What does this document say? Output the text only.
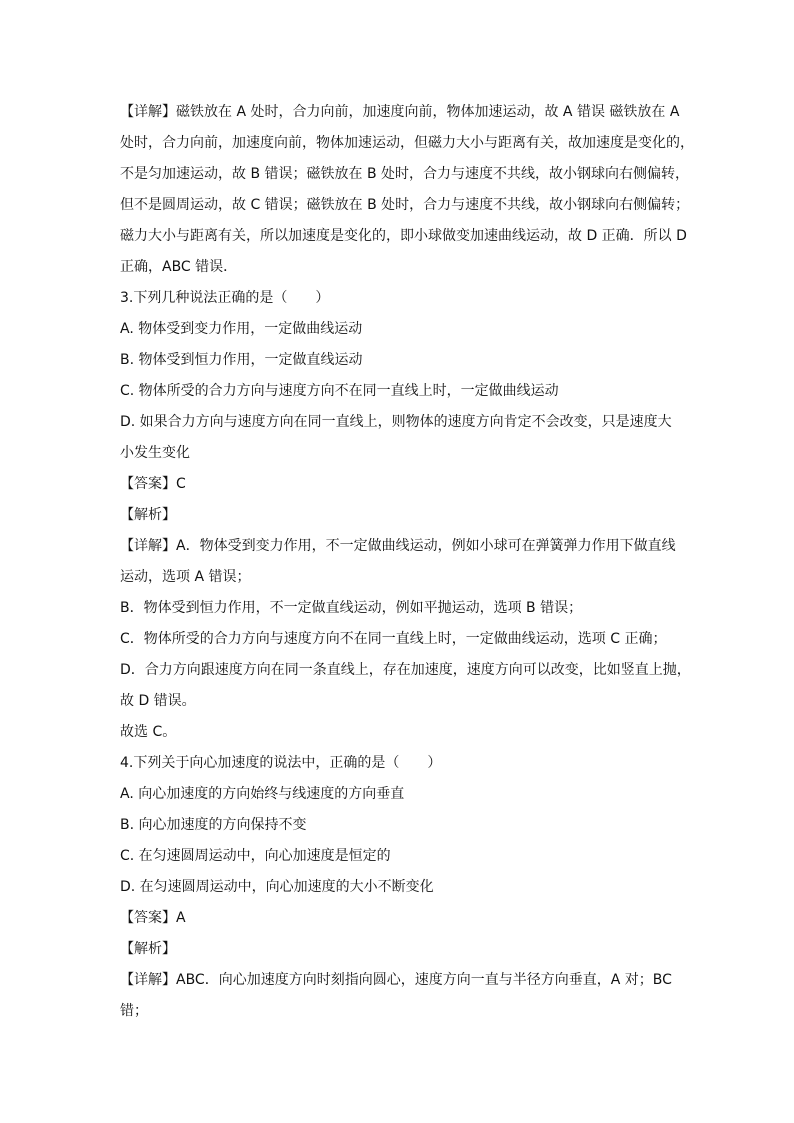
【详解】磁铁放在 A 处时，合力向前，加速度向前，物体加速运动，故 A 错误 磁铁放在 A
处时，合力向前，加速度向前，物体加速运动，但磁力大小与距离有关，故加速度是变化的，
不是匀加速运动，故 B 错误；磁铁放在 B 处时，合力与速度不共线，故小钢球向右侧偏转，
但不是圆周运动，故 C 错误；磁铁放在 B 处时，合力与速度不共线，故小钢球向右侧偏转；
磁力大小与距离有关，所以加速度是变化的，即小球做变加速曲线运动，故 D 正确．所以 D
正确，ABC 错误．
3.下列几种说法正确的是（　　）
A. 物体受到变力作用，一定做曲线运动
B. 物体受到恒力作用，一定做直线运动
C. 物体所受的合力方向与速度方向不在同一直线上时，一定做曲线运动
D. 如果合力方向与速度方向在同一直线上，则物体的速度方向肯定不会改变，只是速度大
小发生变化
【答案】C
【解析】
【详解】A．物体受到变力作用，不一定做曲线运动，例如小球可在弹簧弹力作用下做直线
运动，选项 A 错误；
B．物体受到恒力作用，不一定做直线运动，例如平抛运动，选项 B 错误；
C．物体所受的合力方向与速度方向不在同一直线上时，一定做曲线运动，选项 C 正确；
D．合力方向跟速度方向在同一条直线上，存在加速度，速度方向可以改变，比如竖直上抛，
故 D 错误。
故选 C。
4.下列关于向心加速度的说法中，正确的是（　　）
A. 向心加速度的方向始终与线速度的方向垂直
B. 向心加速度的方向保持不变
C. 在匀速圆周运动中，向心加速度是恒定的
D. 在匀速圆周运动中，向心加速度的大小不断变化
【答案】A
【解析】
【详解】ABC．向心加速度方向时刻指向圆心，速度方向一直与半径方向垂直，A 对；BC
错；
